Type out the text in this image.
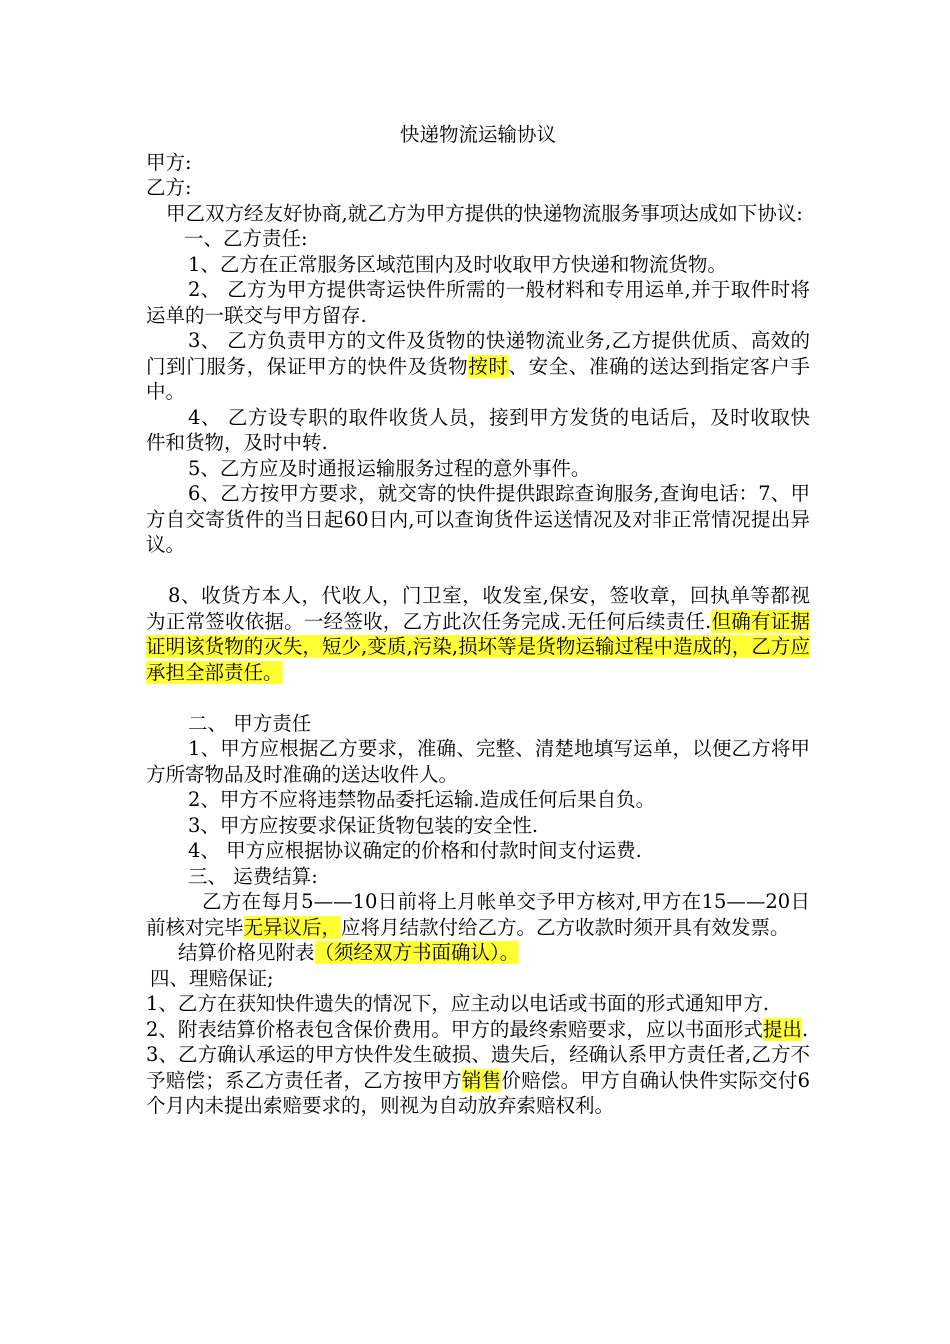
快递物流运输协议

甲方:

乙方:

甲乙双方经友好协商,就乙方为甲方提供的快递物流服务事项达成如下协议:

一、乙方责任:

1、乙方在正常服务区域范围内及时收取甲方快递和物流货物。

2、 乙方为甲方提供寄运快件所需的一般材料和专用运单,并于取件时将运单的一联交与甲方留存.

3、 乙方负责甲方的文件及货物的快递物流业务,乙方提供优质、高效的门到门服务，保证甲方的快件及货物按时、安全、准确的送达到指定客户手中。

4、 乙方设专职的取件收货人员，接到甲方发货的电话后，及时收取快件和货物，及时中转.

5、乙方应及时通报运输服务过程的意外事件。

6、乙方按甲方要求，就交寄的快件提供跟踪查询服务,查询电话：7、甲方自交寄货件的当日起60日内,可以查询货件运送情况及对非正常情况提出异议。

8、收货方本人，代收人，门卫室，收发室,保安，签收章，回执单等都视为正常签收依据。一经签收，乙方此次任务完成.无任何后续责任.但确有证据证明该货物的灭失，短少,变质,污染,损坏等是货物运输过程中造成的，乙方应承担全部责任。

二、 甲方责任

1、甲方应根据乙方要求，准确、完整、清楚地填写运单，以便乙方将甲方所寄物品及时准确的送达收件人。

2、甲方不应将违禁物品委托运输.造成任何后果自负。

3、甲方应按要求保证货物包装的安全性.

4、 甲方应根据协议确定的价格和付款时间支付运费.

三、 运费结算:

乙方在每月5——10日前将上月帐单交予甲方核对,甲方在15——20日前核对完毕无异议后，应将月结款付给乙方。乙方收款时须开具有效发票。

结算价格见附表（须经双方书面确认）。

四、理赔保证;

1、乙方在获知快件遗失的情况下，应主动以电话或书面的形式通知甲方.

2、附表结算价格表包含保价费用。甲方的最终索赔要求，应以书面形式提出.

3、乙方确认承运的甲方快件发生破损、遗失后，经确认系甲方责任者,乙方不予赔偿；系乙方责任者，乙方按甲方销售价赔偿。甲方自确认快件实际交付6个月内未提出索赔要求的，则视为自动放弃索赔权利。
